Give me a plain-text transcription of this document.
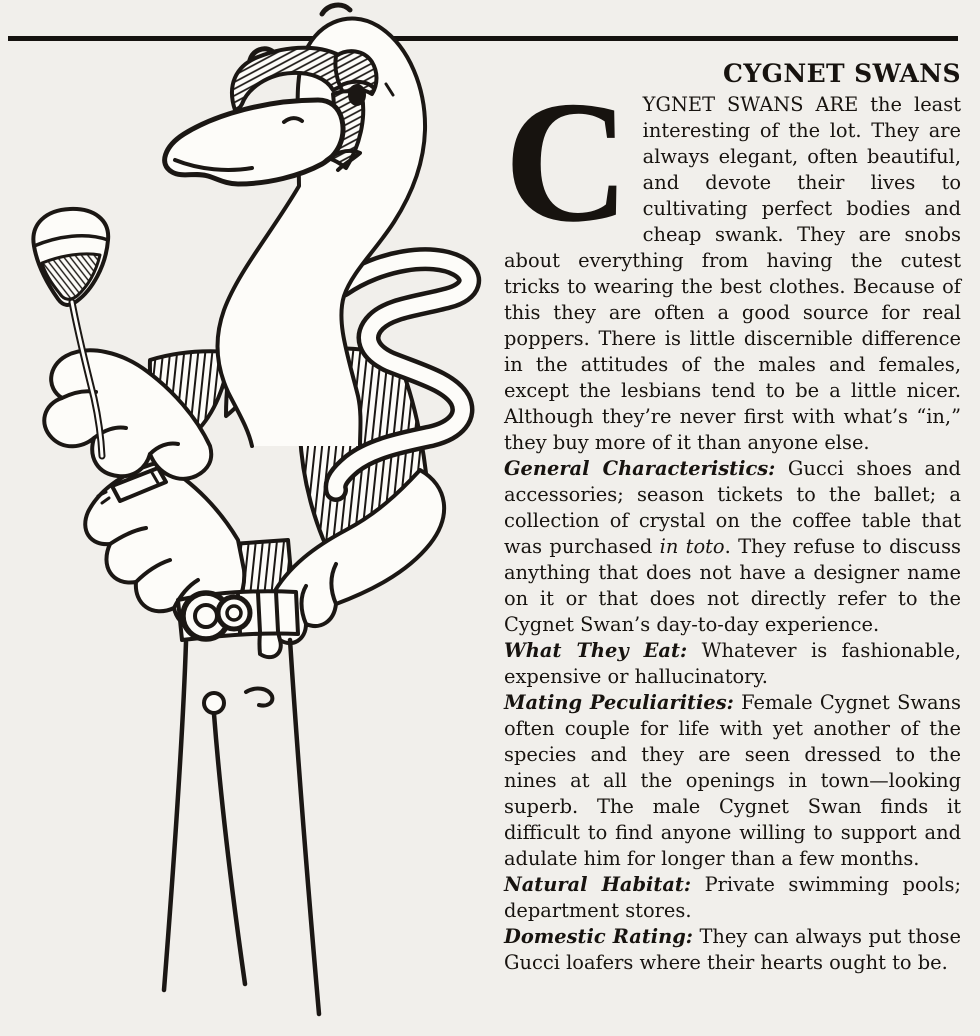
CYGNET SWANS

CYGNET SWANS ARE the least interesting of the lot. They are always elegant, often beautiful, and devote their lives to cultivating perfect bodies and cheap swank. They are snobs about everything from having the cutest tricks to wearing the best clothes. Because of this they are often a good source for real poppers. There is little discernible difference in the attitudes of the males and females, except the lesbians tend to be a little nicer. Although they’re never first with what’s “in,” they buy more of it than anyone else.

General Characteristics: Gucci shoes and accessories; season tickets to the ballet; a collection of crystal on the coffee table that was purchased in toto. They refuse to discuss anything that does not have a designer name on it or that does not directly refer to the Cygnet Swan’s day-to-day experience.

What They Eat: Whatever is fashionable, expensive or hallucinatory.

Mating Peculiarities: Female Cygnet Swans often couple for life with yet another of the species and they are seen dressed to the nines at all the openings in town—looking superb. The male Cygnet Swan finds it difficult to find anyone willing to support and adulate him for longer than a few months.

Natural Habitat: Private swimming pools; department stores.

Domestic Rating: They can always put those Gucci loafers where their hearts ought to be.
